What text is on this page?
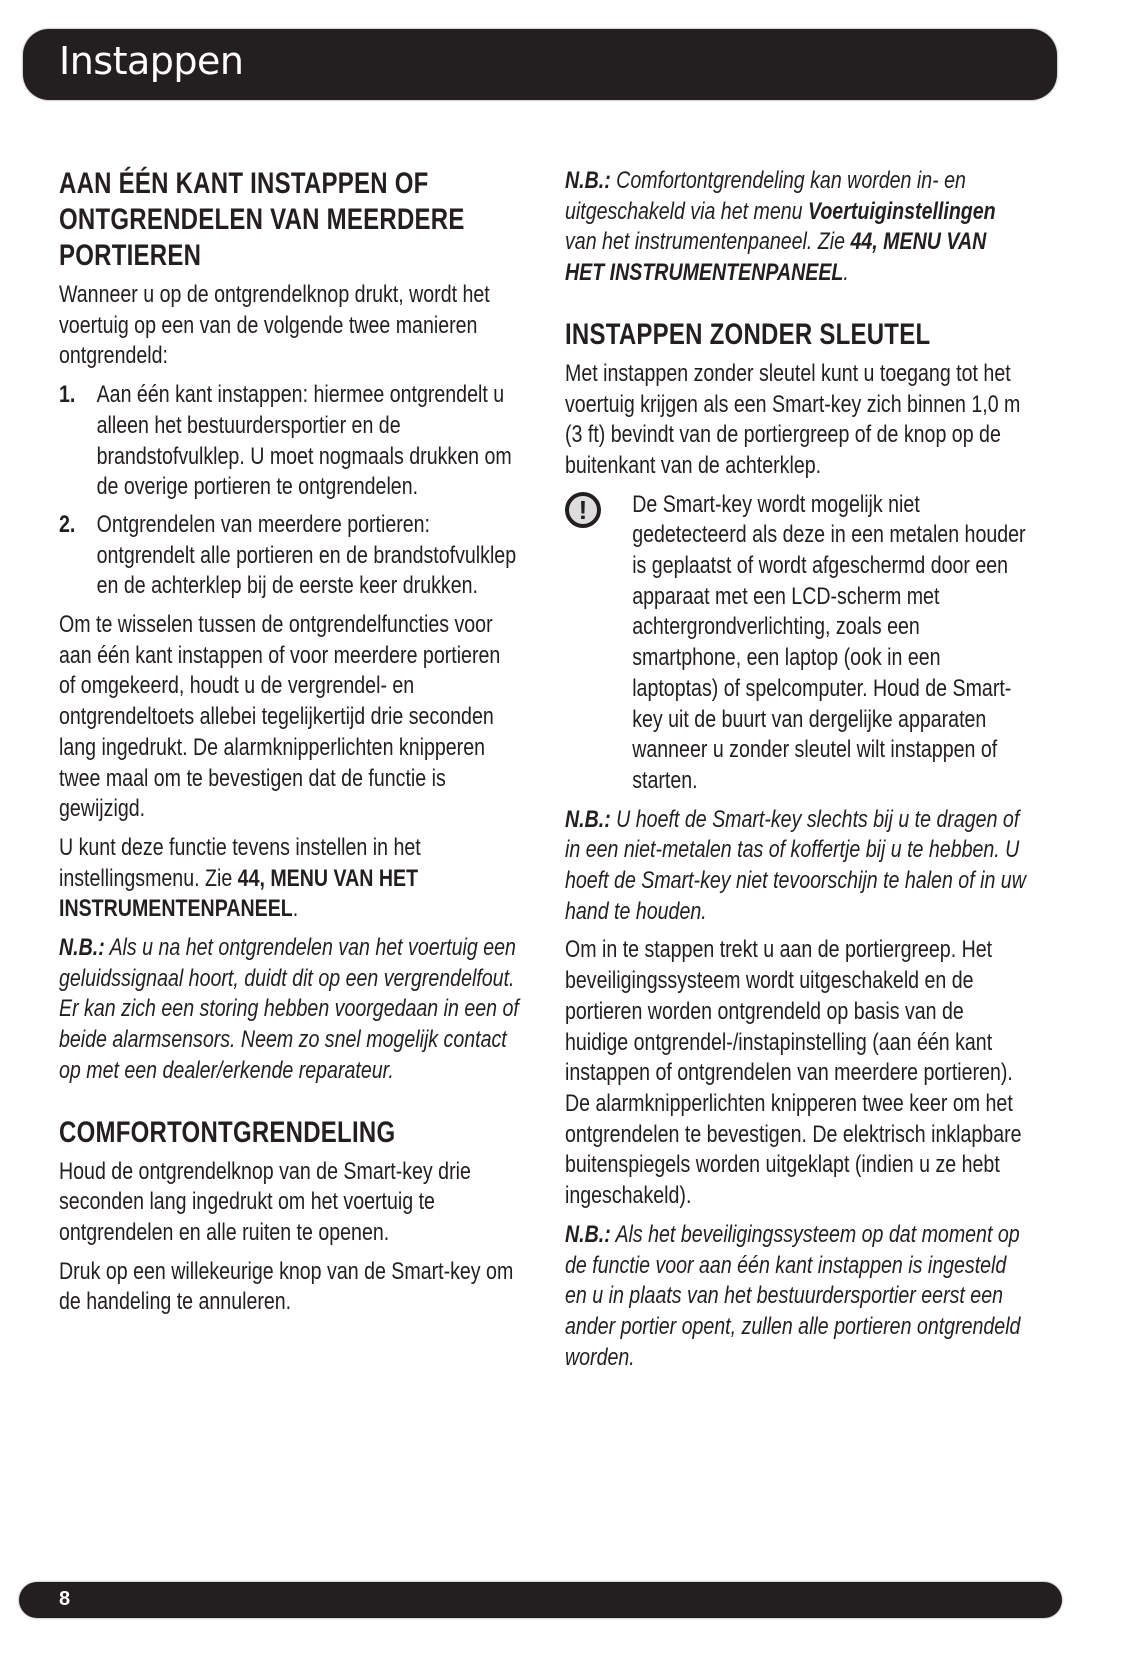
Instappen
AAN ÉÉN KANT INSTAPPEN OF ONTGRENDELEN VAN MEERDERE PORTIEREN

Wanneer u op de ontgrendelknop drukt, wordt het voertuig op een van de volgende twee manieren ontgrendeld:

1. Aan één kant instappen: hiermee ontgrendelt u alleen het bestuurdersportier en de brandstofvulklep. U moet nogmaals drukken om de overige portieren te ontgrendelen.
2. Ontgrendelen van meerdere portieren: ontgrendelt alle portieren en de brandstofvulklep en de achterklep bij de eerste keer drukken.

Om te wisselen tussen de ontgrendelfuncties voor aan één kant instappen of voor meerdere portieren of omgekeerd, houdt u de vergrendel- en ontgrendeltoets allebei tegelijkertijd drie seconden lang ingedrukt. De alarmknipperlichten knipperen twee maal om te bevestigen dat de functie is gewijzigd.

U kunt deze functie tevens instellen in het instellingsmenu. Zie 44, MENU VAN HET INSTRUMENTENPANEEL.

N.B.: Als u na het ontgrendelen van het voertuig een geluidssignaal hoort, duidt dit op een vergrendelfout. Er kan zich een storing hebben voorgedaan in een of beide alarmsensors. Neem zo snel mogelijk contact op met een dealer/erkende reparateur.

COMFORTONTGRENDELING

Houd de ontgrendelknop van de Smart-key drie seconden lang ingedrukt om het voertuig te ontgrendelen en alle ruiten te openen.

Druk op een willekeurige knop van de Smart-key om de handeling te annuleren.

N.B.: Comfortontgrendeling kan worden in- en uitgeschakeld via het menu Voertuiginstellingen van het instrumentenpaneel. Zie 44, MENU VAN HET INSTRUMENTENPANEEL.

INSTAPPEN ZONDER SLEUTEL

Met instappen zonder sleutel kunt u toegang tot het voertuig krijgen als een Smart-key zich binnen 1,0 m (3 ft) bevindt van de portiergreep of de knop op de buitenkant van de achterklep.

!	De Smart-key wordt mogelijk niet gedetecteerd als deze in een metalen houder is geplaatst of wordt afgeschermd door een apparaat met een LCD-scherm met achtergrondverlichting, zoals een smartphone, een laptop (ook in een laptoptas) of spelcomputer. Houd de Smart-key uit de buurt van dergelijke apparaten wanneer u zonder sleutel wilt instappen of starten.

N.B.: U hoeft de Smart-key slechts bij u te dragen of in een niet-metalen tas of koffertje bij u te hebben. U hoeft de Smart-key niet tevoorschijn te halen of in uw hand te houden.

Om in te stappen trekt u aan de portiergreep. Het beveiligingssysteem wordt uitgeschakeld en de portieren worden ontgrendeld op basis van de huidige ontgrendel-/instapinstelling (aan één kant instappen of ontgrendelen van meerdere portieren). De alarmknipperlichten knipperen twee keer om het ontgrendelen te bevestigen. De elektrisch inklapbare buitenspiegels worden uitgeklapt (indien u ze hebt ingeschakeld).

N.B.: Als het beveiligingssysteem op dat moment op de functie voor aan één kant instappen is ingesteld en u in plaats van het bestuurdersportier eerst een ander portier opent, zullen alle portieren ontgrendeld worden.

8
